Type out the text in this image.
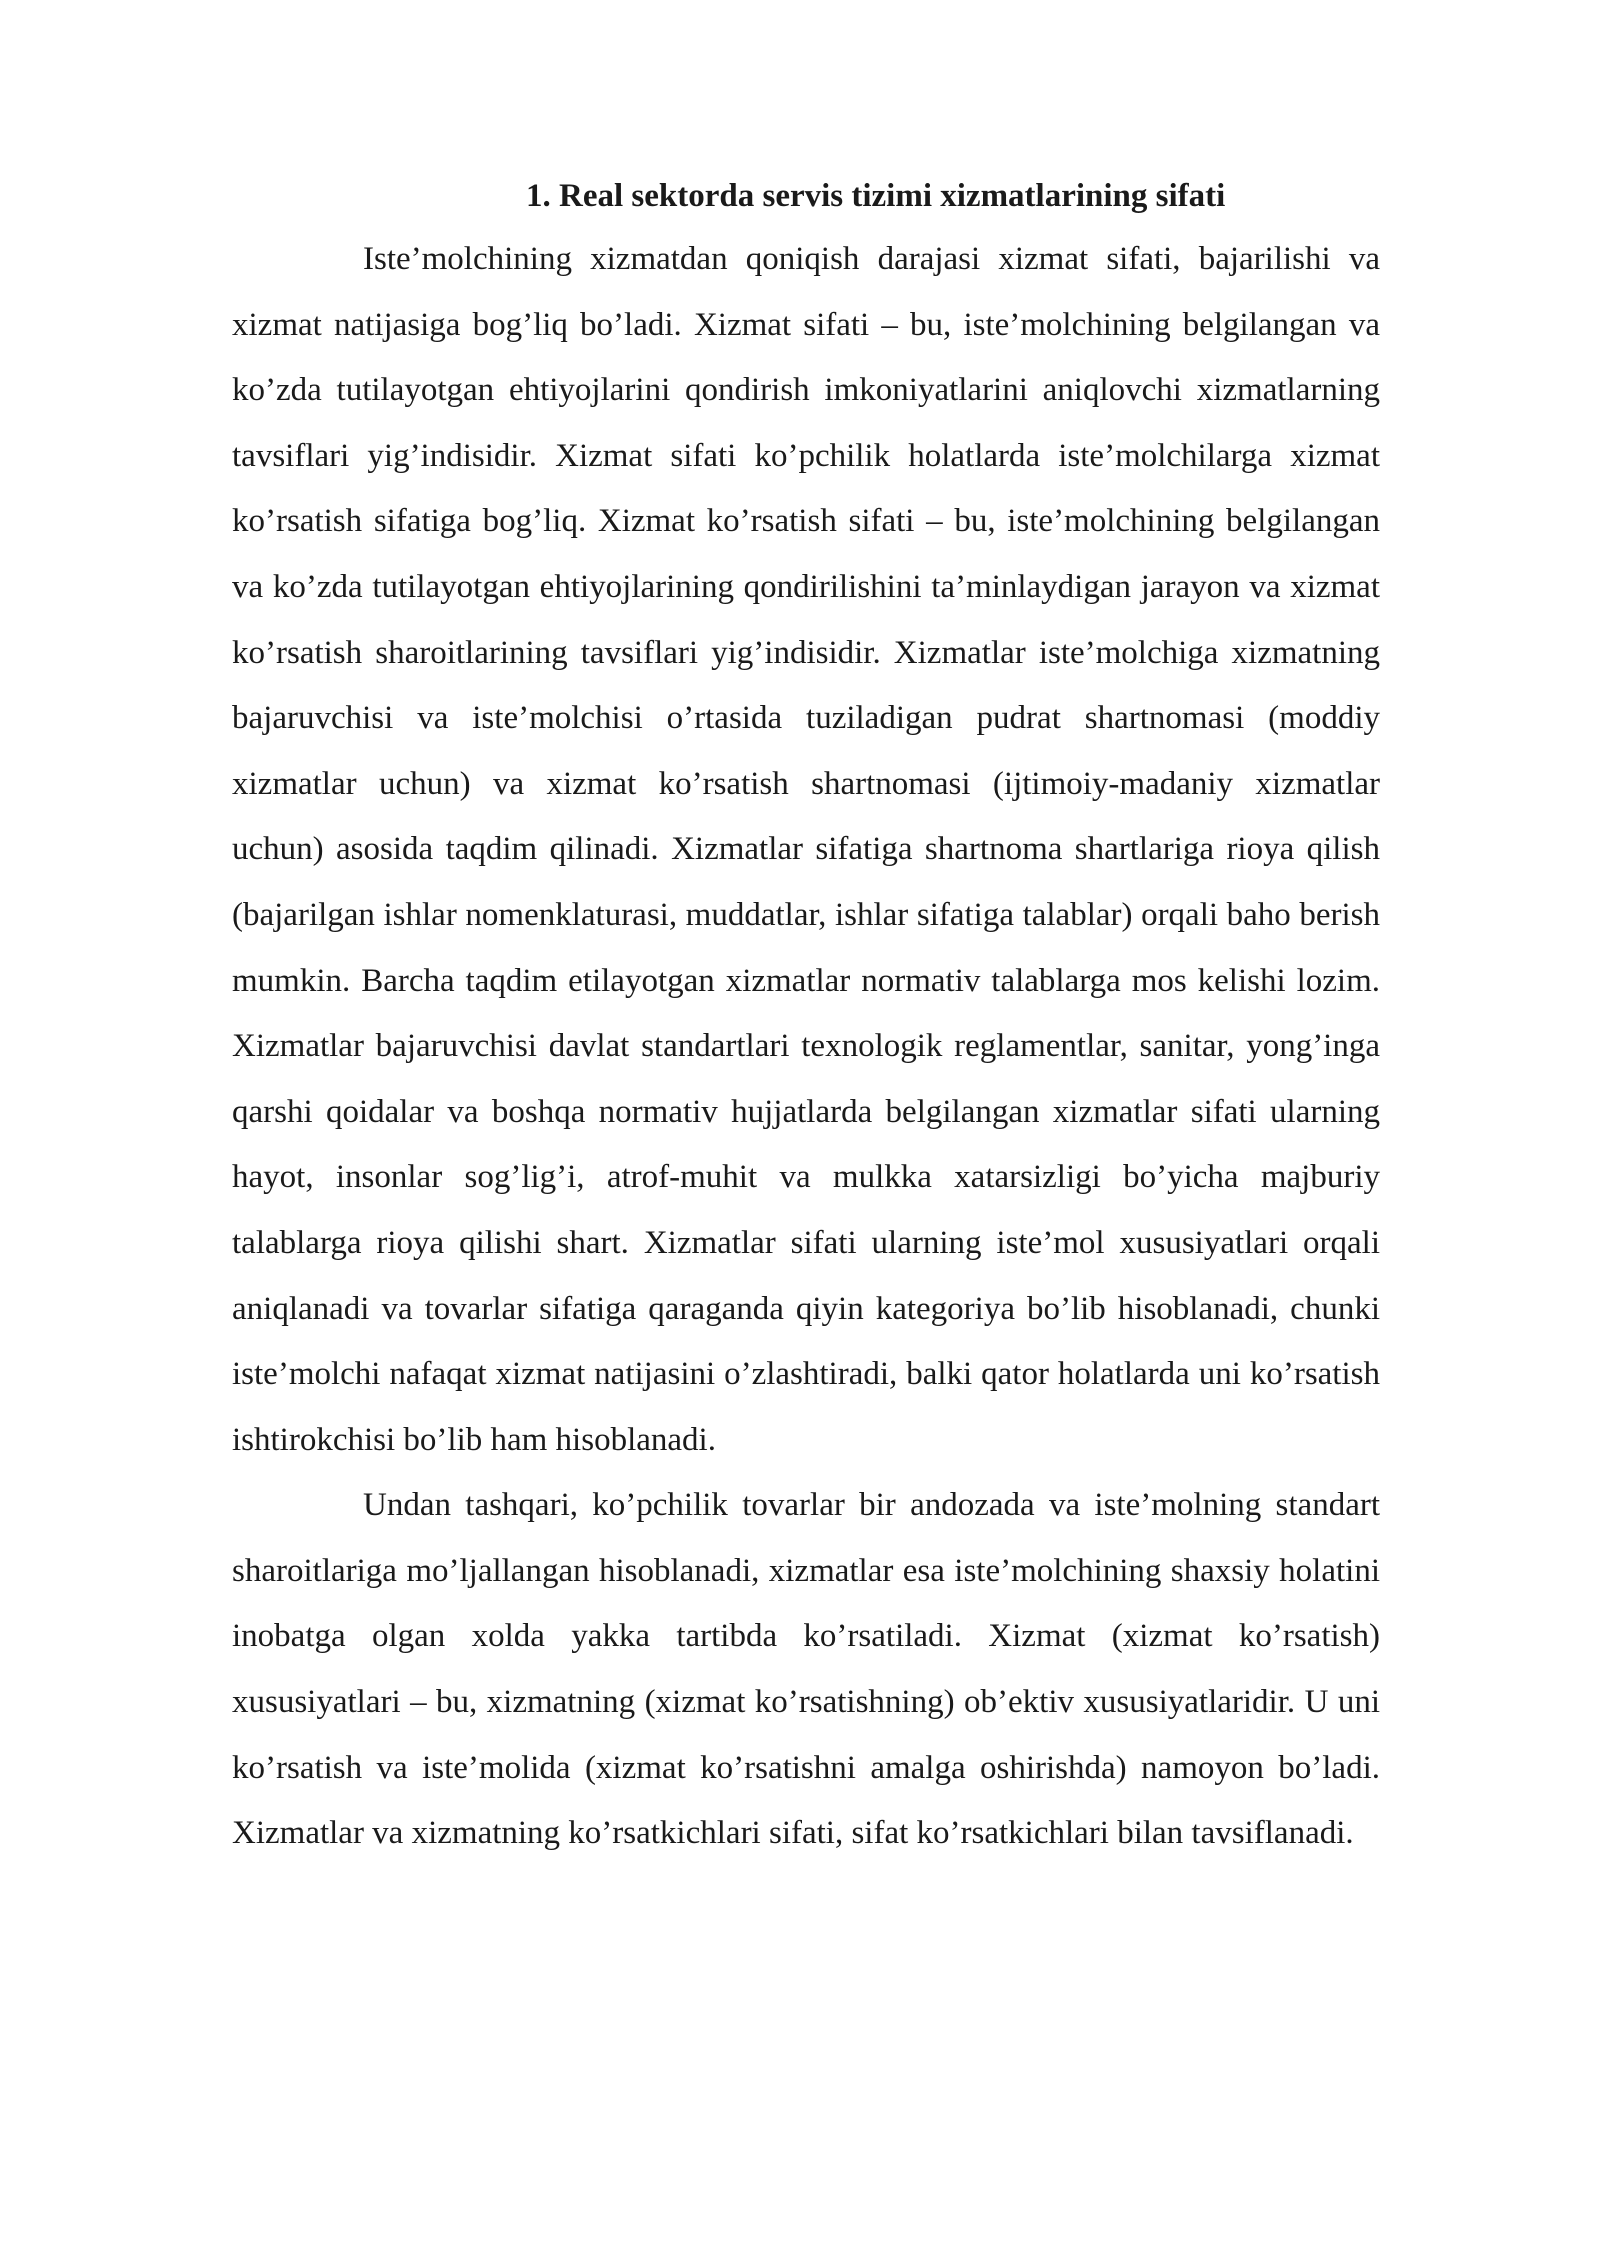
1. Real sektorda servis tizimi xizmatlarining sifati

Iste’molchining xizmatdan qoniqish darajasi xizmat sifati, bajarilishi va xizmat natijasiga bog’liq bo’ladi. Xizmat sifati – bu, iste’molchining belgilangan va ko’zda tutilayotgan ehtiyojlarini qondirish imkoniyatlarini aniqlovchi xizmatlarning tavsiflari yig’indisidir. Xizmat sifati ko’pchilik holatlarda iste’molchilarga xizmat ko’rsatish sifatiga bog’liq. Xizmat ko’rsatish sifati – bu, iste’molchining belgilangan va ko’zda tutilayotgan ehtiyojlarining qondirilishini ta’minlaydigan jarayon va xizmat ko’rsatish sharoitlarining tavsiflari yig’indisidir. Xizmatlar iste’molchiga xizmatning bajaruvchisi va iste’molchisi o’rtasida tuziladigan pudrat shartnomasi (moddiy xizmatlar uchun) va xizmat ko’rsatish shartnomasi (ijtimoiy-madaniy xizmatlar uchun) asosida taqdim qilinadi. Xizmatlar sifatiga shartnoma shartlariga rioya qilish (bajarilgan ishlar nomenklaturasi, muddatlar, ishlar sifatiga talablar) orqali baho berish mumkin. Barcha taqdim etilayotgan xizmatlar normativ talablarga mos kelishi lozim. Xizmatlar bajaruvchisi davlat standartlari texnologik reglamentlar, sanitar, yong’inga qarshi qoidalar va boshqa normativ hujjatlarda belgilangan xizmatlar sifati ularning hayot, insonlar sog’lig’i, atrof-muhit va mulkka xatarsizligi bo’yicha majburiy talablarga rioya qilishi shart. Xizmatlar sifati ularning iste’mol xususiyatlari orqali aniqlanadi va tovarlar sifatiga qaraganda qiyin kategoriya bo’lib hisoblanadi, chunki iste’molchi nafaqat xizmat natijasini o’zlashtiradi, balki qator holatlarda uni ko’rsatish ishtirokchisi bo’lib ham hisoblanadi.

Undan tashqari, ko’pchilik tovarlar bir andozada va iste’molning standart sharoitlariga mo’ljallangan hisoblanadi, xizmatlar esa iste’molchining shaxsiy holatini inobatga olgan xolda yakka tartibda ko’rsatiladi. Xizmat (xizmat ko’rsatish) xususiyatlari – bu, xizmatning (xizmat ko’rsatishning) ob’ektiv xususiyatlaridir. U uni ko’rsatish va iste’molida (xizmat ko’rsatishni amalga oshirishda) namoyon bo’ladi. Xizmatlar va xizmatning ko’rsatkichlari sifati, sifat ko’rsatkichlari bilan tavsiflanadi.
